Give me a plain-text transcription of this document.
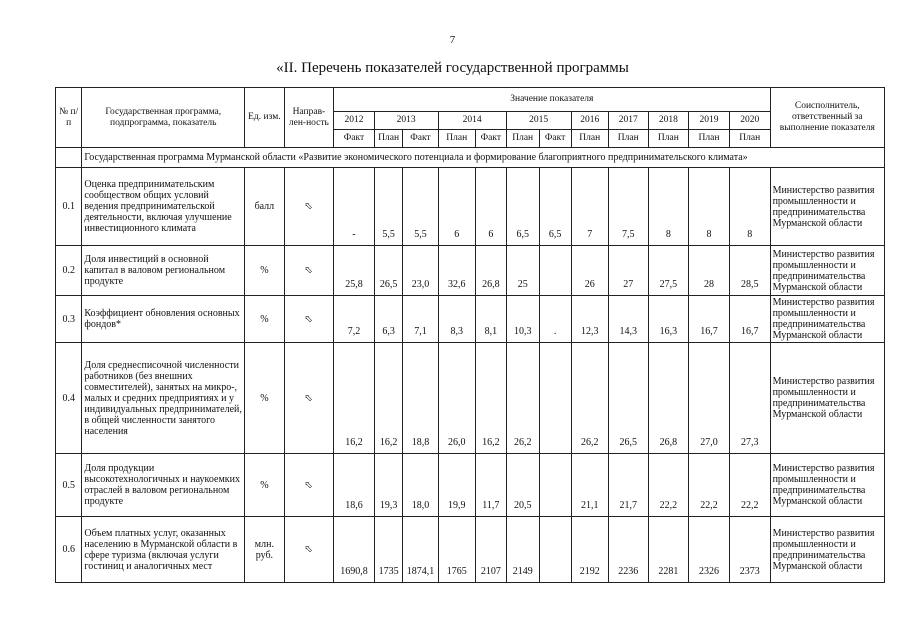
7
«II. Перечень показателей государственной программы
№ п/п	Государственная программа, подпрограмма, показатель	Ед. изм.	Направ-лен-ность	Значение показателя												Соисполнитель, ответственный за выполнение показателя
				2012	2013		2014		2015		2016	2017	2018	2019	2020	
				Факт	План	Факт	План	Факт	План	Факт	План	План	План	План	План	
	Государственная программа Мурманской области «Развитие экономического потенциала и формирование благоприятного предпринимательского климата»															
0.1	Оценка предпринимательским сообществом общих условий ведения предпринимательской деятельности, включая улучшение инвестиционного климата	балл	⇧	-	5,5	5,5	6	6	6,5	6,5	7	7,5	8	8	8	Министерство развития промышленности и предпринимательства Мурманской области
0.2	Доля инвестиций в основной капитал в валовом региональном продукте	%	⇧	25,8	26,5	23,0	32,6	26,8	25		26	27	27,5	28	28,5	Министерство развития промышленности и предпринимательства Мурманской области
0.3	Коэффициент обновления основных фондов*	%	⇧	7,2	6,3	7,1	8,3	8,1	10,3	.	12,3	14,3	16,3	16,7	16,7	Министерство развития промышленности и предпринимательства Мурманской области
0.4	Доля среднесписочной численности работников (без внешних совместителей), занятых на микро-, малых и средних предприятиях и у индивидуальных предпринимателей, в общей численности занятого населения	%	⇧	16,2	16,2	18,8	26,0	16,2	26,2		26,2	26,5	26,8	27,0	27,3	Министерство развития промышленности и предпринимательства Мурманской области
0.5	Доля продукции высокотехнологичных и наукоемких отраслей в валовом региональном продукте	%	⇧	18,6	19,3	18,0	19,9	11,7	20,5		21,1	21,7	22,2	22,2	22,2	Министерство развития промышленности и предпринимательства Мурманской области
0.6	Объем платных услуг, оказанных населению в Мурманской области в сфере туризма (включая услуги гостиниц и аналогичных мест	млн. руб.	⇧	1690,8	1735	1874,1	1765	2107	2149		2192	2236	2281	2326	2373	Министерство развития промышленности и предпринимательства Мурманской области
